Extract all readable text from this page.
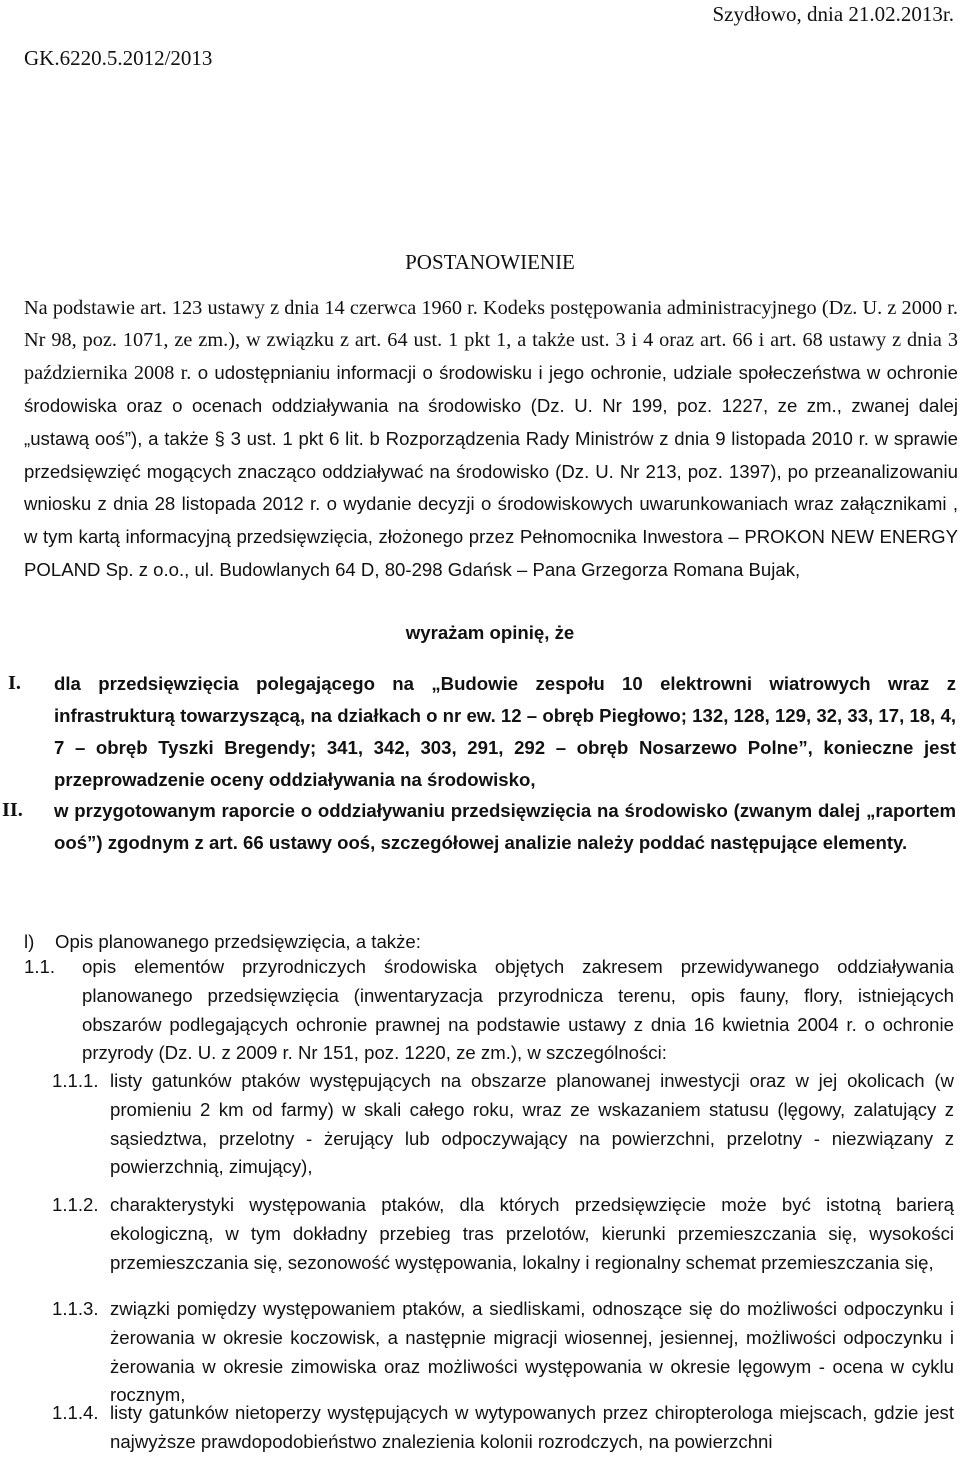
Szydłowo, dnia 21.02.2013r.
GK.6220.5.2012/2013
POSTANOWIENIE
Na podstawie art. 123 ustawy z dnia 14 czerwca 1960 r. Kodeks postępowania administracyjnego (Dz. U. z 2000 r. Nr 98, poz. 1071, ze zm.), w związku z art. 64 ust. 1 pkt 1, a także ust. 3 i 4 oraz art. 66 i art. 68 ustawy z dnia 3 października 2008 r. o udostępnianiu informacji o środowisku i jego ochronie, udziale społeczeństwa w ochronie środowiska oraz o ocenach oddziaływania na środowisko (Dz. U. Nr 199, poz. 1227, ze zm., zwanej dalej „ustawą ooś”), a także § 3 ust. 1 pkt 6 lit. b Rozporządzenia Rady Ministrów z dnia 9 listopada 2010 r. w sprawie przedsięwzięć mogących znacząco oddziaływać na środowisko (Dz. U. Nr 213, poz. 1397), po przeanalizowaniu wniosku z dnia 28 listopada 2012 r. o wydanie decyzji o środowiskowych uwarunkowaniach wraz załącznikami , w tym kartą informacyjną przedsięwzięcia, złożonego przez Pełnomocnika Inwestora – PROKON NEW ENERGY POLAND Sp. z o.o., ul. Budowlanych 64 D, 80-298 Gdańsk – Pana Grzegorza Romana Bujak,
wyrażam opinię, że
I. dla przedsięwzięcia polegającego na „Budowie zespołu 10 elektrowni wiatrowych wraz z infrastrukturą towarzyszącą, na działkach o nr ew. 12 – obręb Piegłowo; 132, 128, 129, 32, 33, 17, 18, 4, 7 – obręb Tyszki Bregendy; 341, 342, 303, 291, 292 – obręb Nosarzewo Polne”, konieczne jest przeprowadzenie oceny oddziaływania na środowisko,
II. w przygotowanym raporcie o oddziaływaniu przedsięwzięcia na środowisko (zwanym dalej „raportem ooś”) zgodnym z art. 66 ustawy ooś, szczegółowej analizie należy poddać następujące elementy.
l) Opis planowanego przedsięwzięcia, a także:
1.1. opis elementów przyrodniczych środowiska objętych zakresem przewidywanego oddziaływania planowanego przedsięwzięcia (inwentaryzacja przyrodnicza terenu, opis fauny, flory, istniejących obszarów podlegających ochronie prawnej na podstawie ustawy z dnia 16 kwietnia 2004 r. o ochronie przyrody (Dz. U. z 2009 r. Nr 151, poz. 1220, ze zm.), w szczególności:
1.1.1. listy gatunków ptaków występujących na obszarze planowanej inwestycji oraz w jej okolicach (w promieniu 2 km od farmy) w skali całego roku, wraz ze wskazaniem statusu (lęgowy, zalatujący z sąsiedztwa, przelotny - żerujący lub odpoczywający na powierzchni, przelotny - niezwiązany z powierzchnią, zimujący),
1.1.2. charakterystyki występowania ptaków, dla których przedsięwzięcie może być istotną barierą ekologiczną, w tym dokładny przebieg tras przelotów, kierunki przemieszczania się, wysokości przemieszczania się, sezonowość występowania, lokalny i regionalny schemat przemieszczania się,
1.1.3. związki pomiędzy występowaniem ptaków, a siedliskami, odnoszące się do możliwości odpoczynku i żerowania w okresie koczowisk, a następnie migracji wiosennej, jesiennej, możliwości odpoczynku i żerowania w okresie zimowiska oraz możliwości występowania w okresie lęgowym - ocena w cyklu rocznym,
1.1.4. listy gatunków nietoperzy występujących w wytypowanych przez chiropterologa miejscach, gdzie jest najwyższe prawdopodobieństwo znalezienia kolonii rozrodczych, na powierzchni
